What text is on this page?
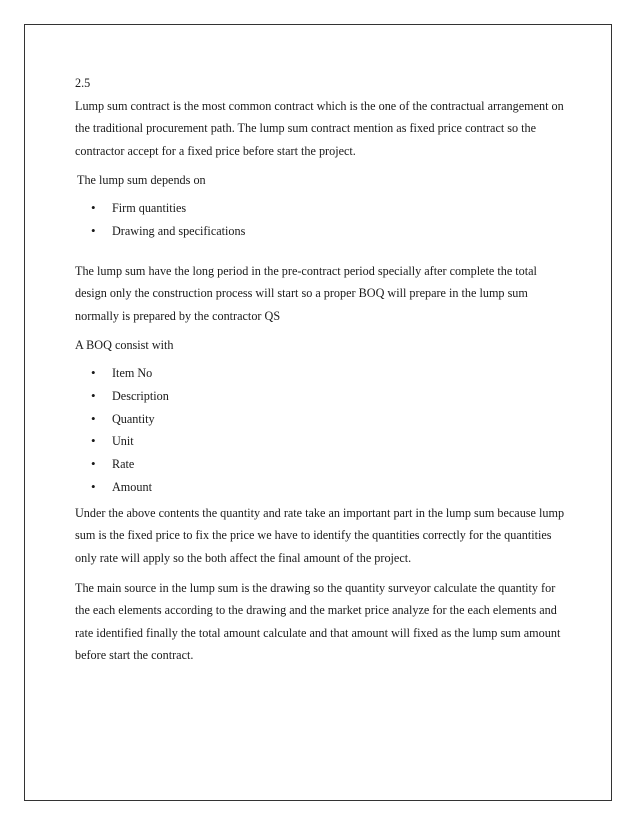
2.5

Lump sum contract is the most common contract which is the one of the contractual arrangement on the traditional procurement path. The lump sum contract mention as fixed price contract so the contractor accept for a fixed price before start the project.

The lump sum depends on

• Firm quantities
• Drawing and specifications

The lump sum have the long period in the pre-contract period specially after complete the total design only the construction process will start so a proper BOQ will prepare in the lump sum normally is prepared by the contractor QS

A BOQ consist with

• Item No
• Description
• Quantity
• Unit
• Rate
• Amount

Under the above contents the quantity and rate take an important part in the lump sum because lump sum is the fixed price to fix the price we have to identify the quantities correctly for the quantities only rate will apply so the both affect the final amount of the project.

The main source in the lump sum is the drawing so the quantity surveyor calculate the quantity for the each elements according to the drawing and the market price analyze for the each elements and rate identified finally the total amount calculate and that amount will fixed as the lump sum amount before start the contract.
